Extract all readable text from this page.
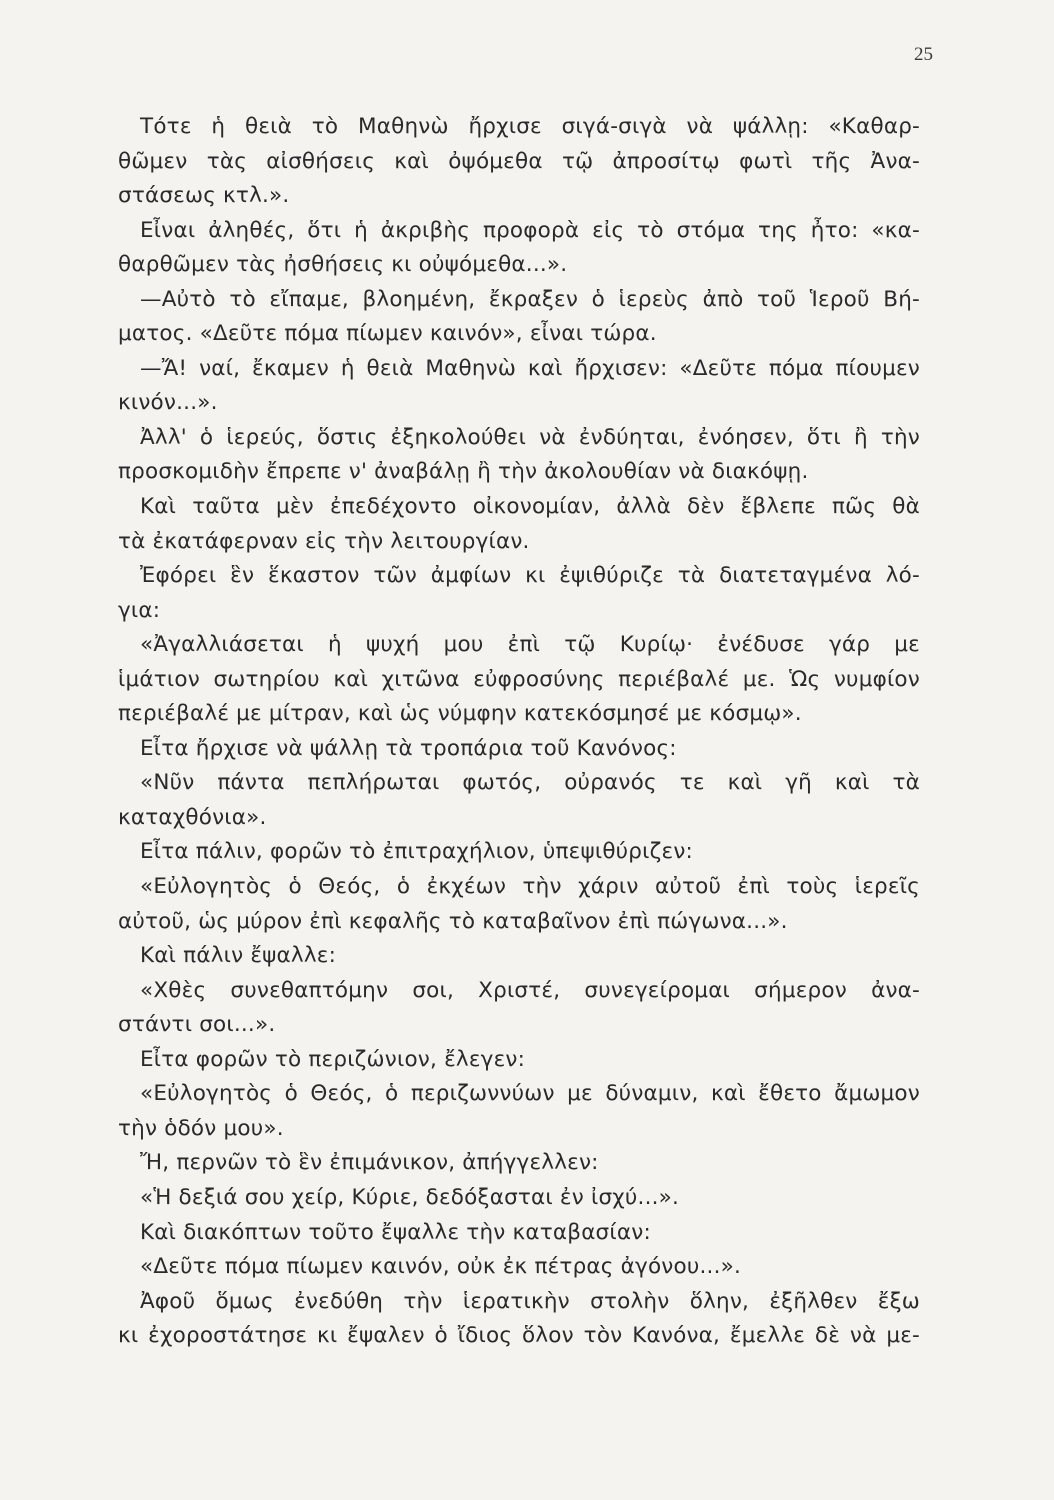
25
Τότε ἡ θειὰ τὸ Μαθηνὼ ἤρχισε σιγά-σιγὰ νὰ ψάλλῃ: «Καθαρ-
θῶμεν τὰς αἰσθήσεις καὶ ὀψόμεθα τῷ ἀπροσίτῳ φωτὶ τῆς Ἀνα-
στάσεως κτλ.».
Εἶναι ἀληθές, ὅτι ἡ ἀκριβὴς προφορὰ εἰς τὸ στόμα της ἦτο: «κα-
θαρθῶμεν τὰς ἠσθήσεις κι οὐψόμεθα...».
—Αὐτὸ τὸ εἴπαμε, βλοημένη, ἔκραξεν ὁ ἱερεὺς ἀπὸ τοῦ Ἱεροῦ Βή-
ματος. «Δεῦτε πόμα πίωμεν καινόν», εἶναι τώρα.
—Ἄ! ναί, ἔκαμεν ἡ θειὰ Μαθηνὼ καὶ ἤρχισεν: «Δεῦτε πόμα πίουμεν
κινόν...».
Ἀλλ' ὁ ἱερεύς, ὅστις ἐξηκολούθει νὰ ἐνδύηται, ἐνόησεν, ὅτι ἢ τὴν
προσκομιδὴν ἔπρεπε ν' ἀναβάλῃ ἢ τὴν ἀκολουθίαν νὰ διακόψῃ.
Καὶ ταῦτα μὲν ἐπεδέχοντο οἰκονομίαν, ἀλλὰ δὲν ἔβλεπε πῶς θὰ
τὰ ἐκατάφερναν εἰς τὴν λειτουργίαν.
Ἐφόρει ἓν ἕκαστον τῶν ἀμφίων κι ἐψιθύριζε τὰ διατεταγμένα λό-
για:
«Ἀγαλλιάσεται ἡ ψυχή μου ἐπὶ τῷ Κυρίῳ· ἐνέδυσε γάρ με
ἱμάτιον σωτηρίου καὶ χιτῶνα εὐφροσύνης περιέβαλέ με. Ὡς νυμφίον
περιέβαλέ με μίτραν, καὶ ὡς νύμφην κατεκόσμησέ με κόσμῳ».
Εἶτα ἤρχισε νὰ ψάλλῃ τὰ τροπάρια τοῦ Κανόνος:
«Νῦν πάντα πεπλήρωται φωτός, οὐρανός τε καὶ γῆ καὶ τὰ
καταχθόνια».
Εἶτα πάλιν, φορῶν τὸ ἐπιτραχήλιον, ὑπεψιθύριζεν:
«Εὐλογητὸς ὁ Θεός, ὁ ἐκχέων τὴν χάριν αὐτοῦ ἐπὶ τοὺς ἱερεῖς
αὐτοῦ, ὡς μύρον ἐπὶ κεφαλῆς τὸ καταβαῖνον ἐπὶ πώγωνα...».
Καὶ πάλιν ἔψαλλε:
«Χθὲς συνεθαπτόμην σοι, Χριστέ, συνεγείρομαι σήμερον ἀνα-
στάντι σοι...».
Εἶτα φορῶν τὸ περιζώνιον, ἔλεγεν:
«Εὐλογητὸς ὁ Θεός, ὁ περιζωννύων με δύναμιν, καὶ ἔθετο ἄμωμον
τὴν ὁδόν μου».
Ἤ, περνῶν τὸ ἓν ἐπιμάνικον, ἀπήγγελλεν:
«Ἡ δεξιά σου χείρ, Κύριε, δεδόξασται ἐν ἰσχύ...».
Καὶ διακόπτων τοῦτο ἔψαλλε τὴν καταβασίαν:
«Δεῦτε πόμα πίωμεν καινόν, οὐκ ἐκ πέτρας ἀγόνου...».
Ἀφοῦ ὅμως ἐνεδύθη τὴν ἱερατικὴν στολὴν ὅλην, ἐξῆλθεν ἔξω
κι ἐχοροστάτησε κι ἔψαλεν ὁ ἴδιος ὅλον τὸν Κανόνα, ἔμελλε δὲ νὰ με-
